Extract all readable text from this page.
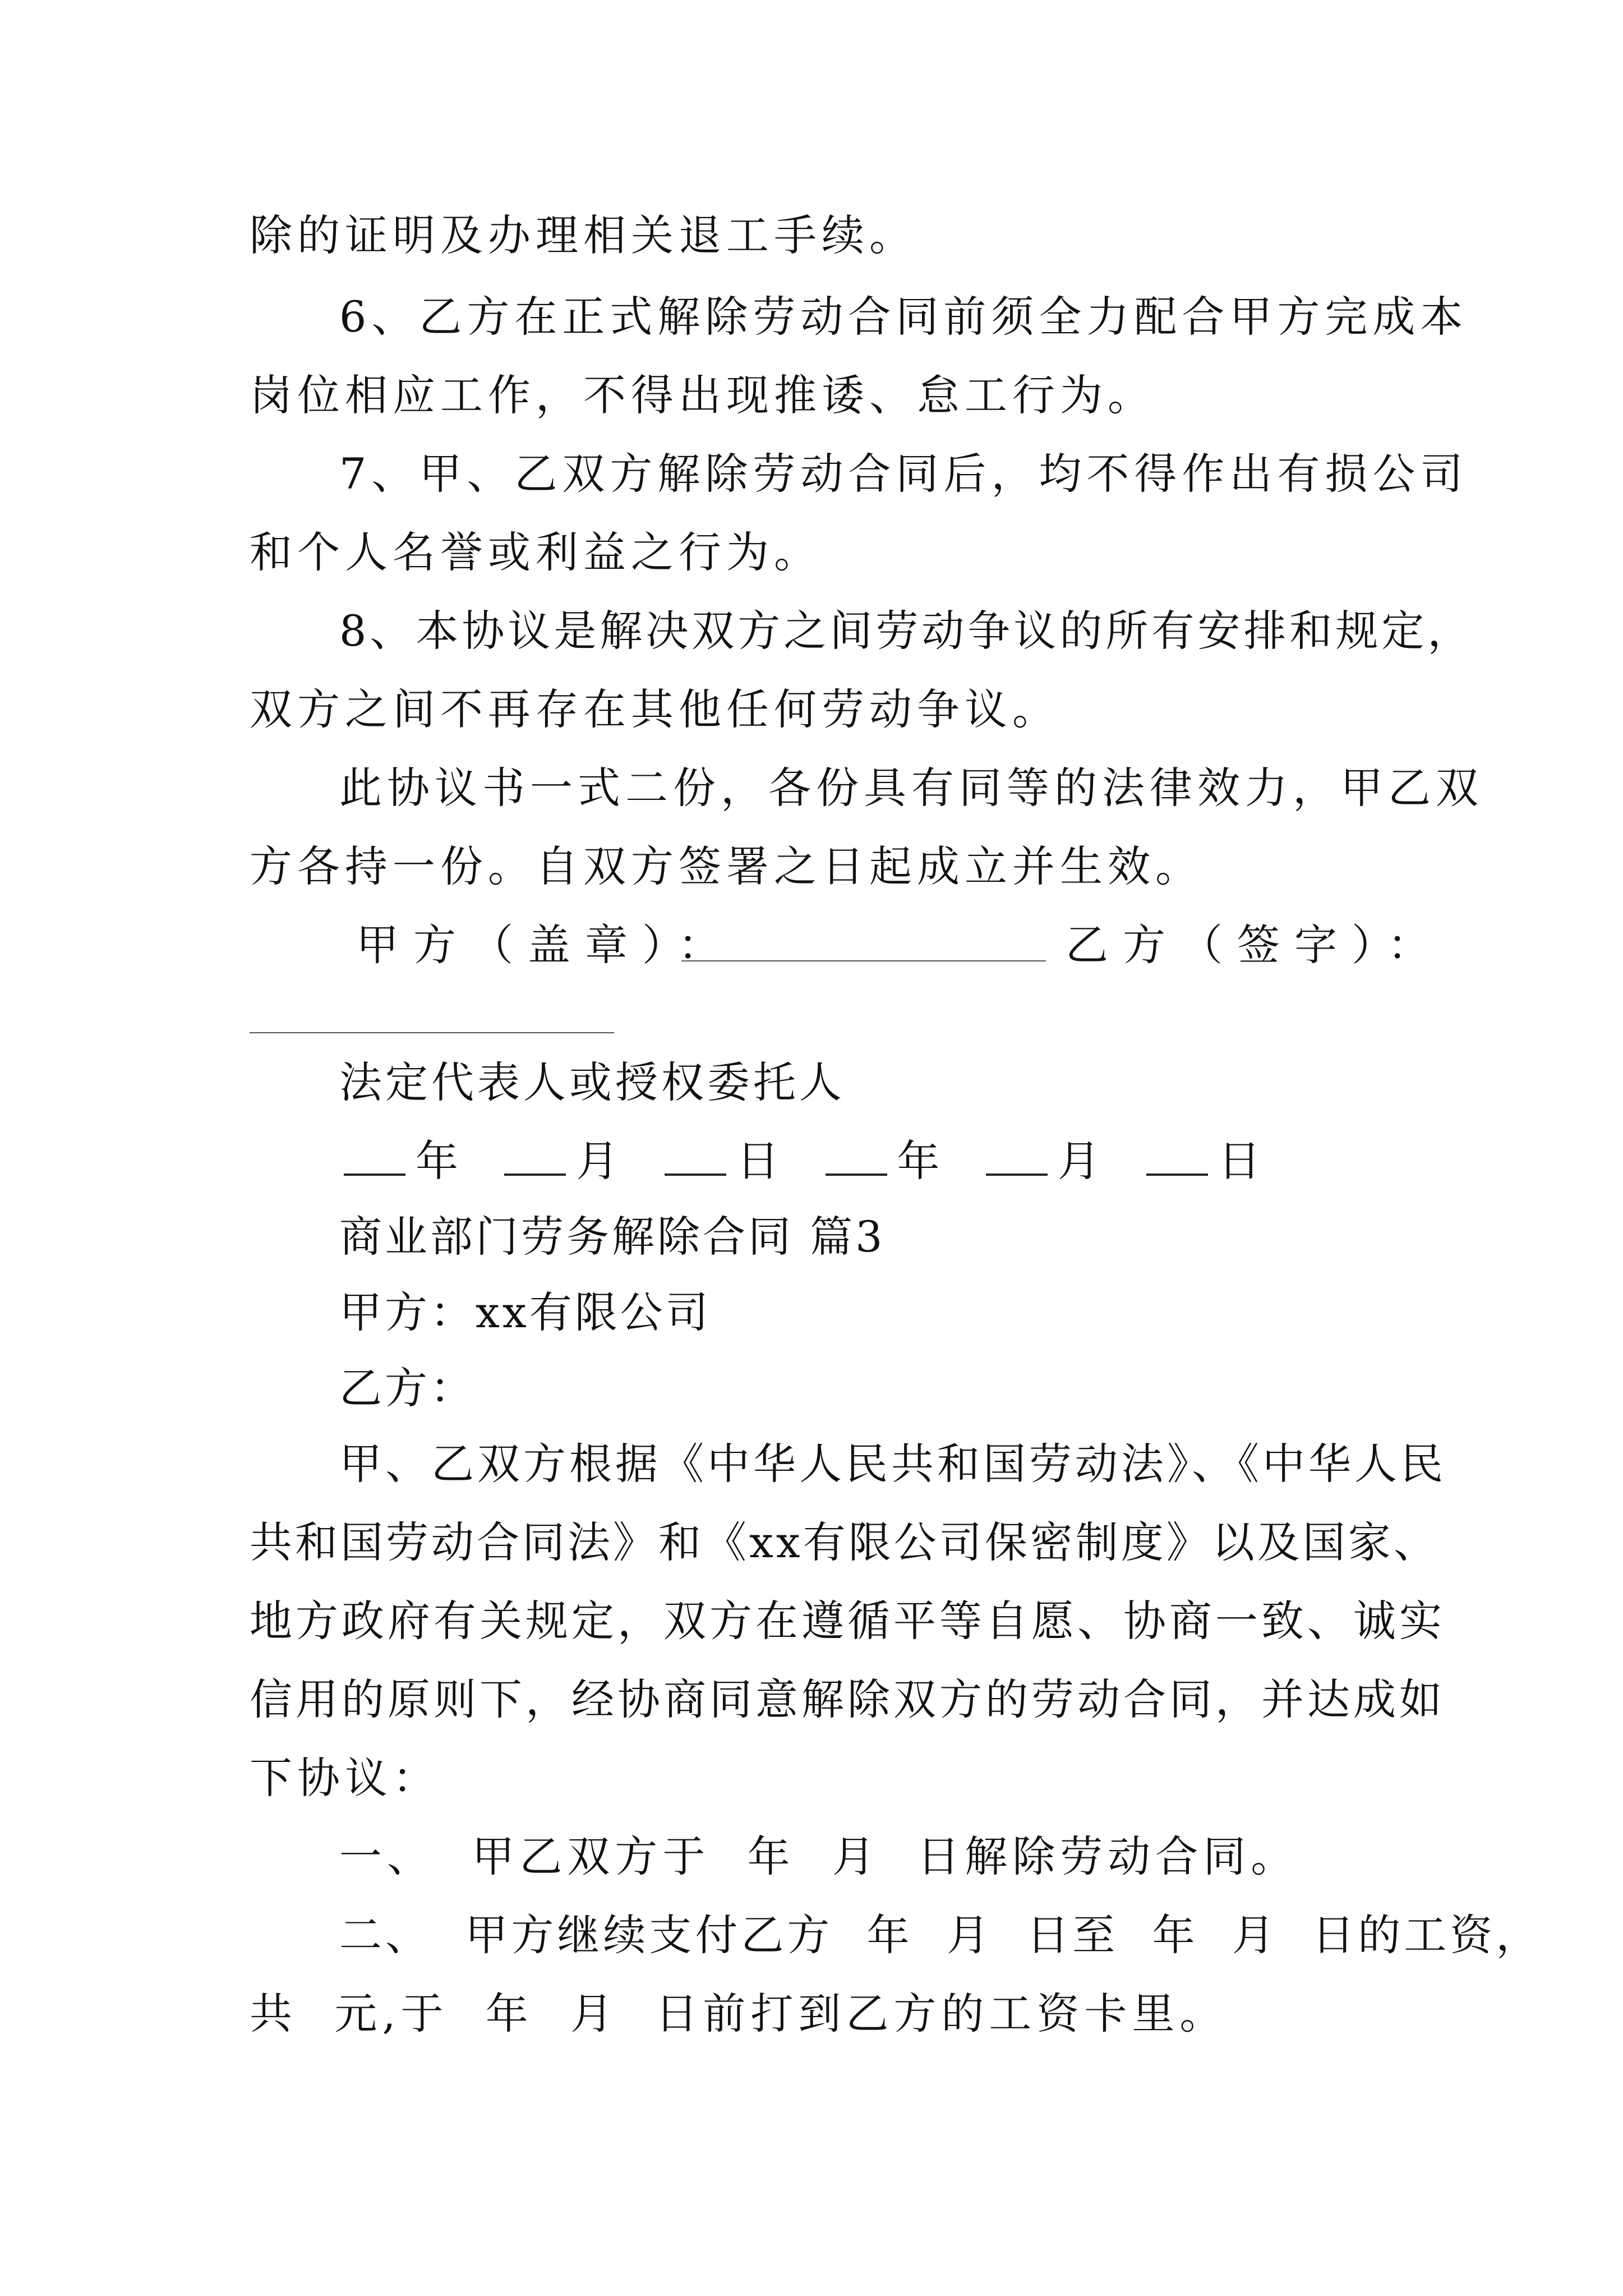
除的证明及办理相关退工手续。
6、乙方在正式解除劳动合同前须全力配合甲方完成本
岗位相应工作，不得出现推诿、怠工行为。
7、甲、乙双方解除劳动合同后，均不得作出有损公司
和个人名誉或利益之行为。
8、本协议是解决双方之间劳动争议的所有安排和规定，
双方之间不再存在其他任何劳动争议。
此协议书一式二份，各份具有同等的法律效力，甲乙双
方各持一份。自双方签署之日起成立并生效。
甲方（盖章）：	乙方（签字）：
法定代表人或授权委托人
年	月	日	年	月	日
商业部门劳务解除合同 篇3
甲方：xx有限公司
乙方：
甲、乙双方根据《中华人民共和国劳动法》、《中华人民
共和国劳动合同法》和《xx有限公司保密制度》以及国家、
地方政府有关规定，双方在遵循平等自愿、协商一致、诚实
信用的原则下，经协商同意解除双方的劳动合同，并达成如
下协议：
一、  甲乙双方于  年  月  日解除劳动合同。
二、  甲方继续支付乙方  年  月  日至  年  月  日的工资，
共  元,于  年  月  日前打到乙方的工资卡里。
